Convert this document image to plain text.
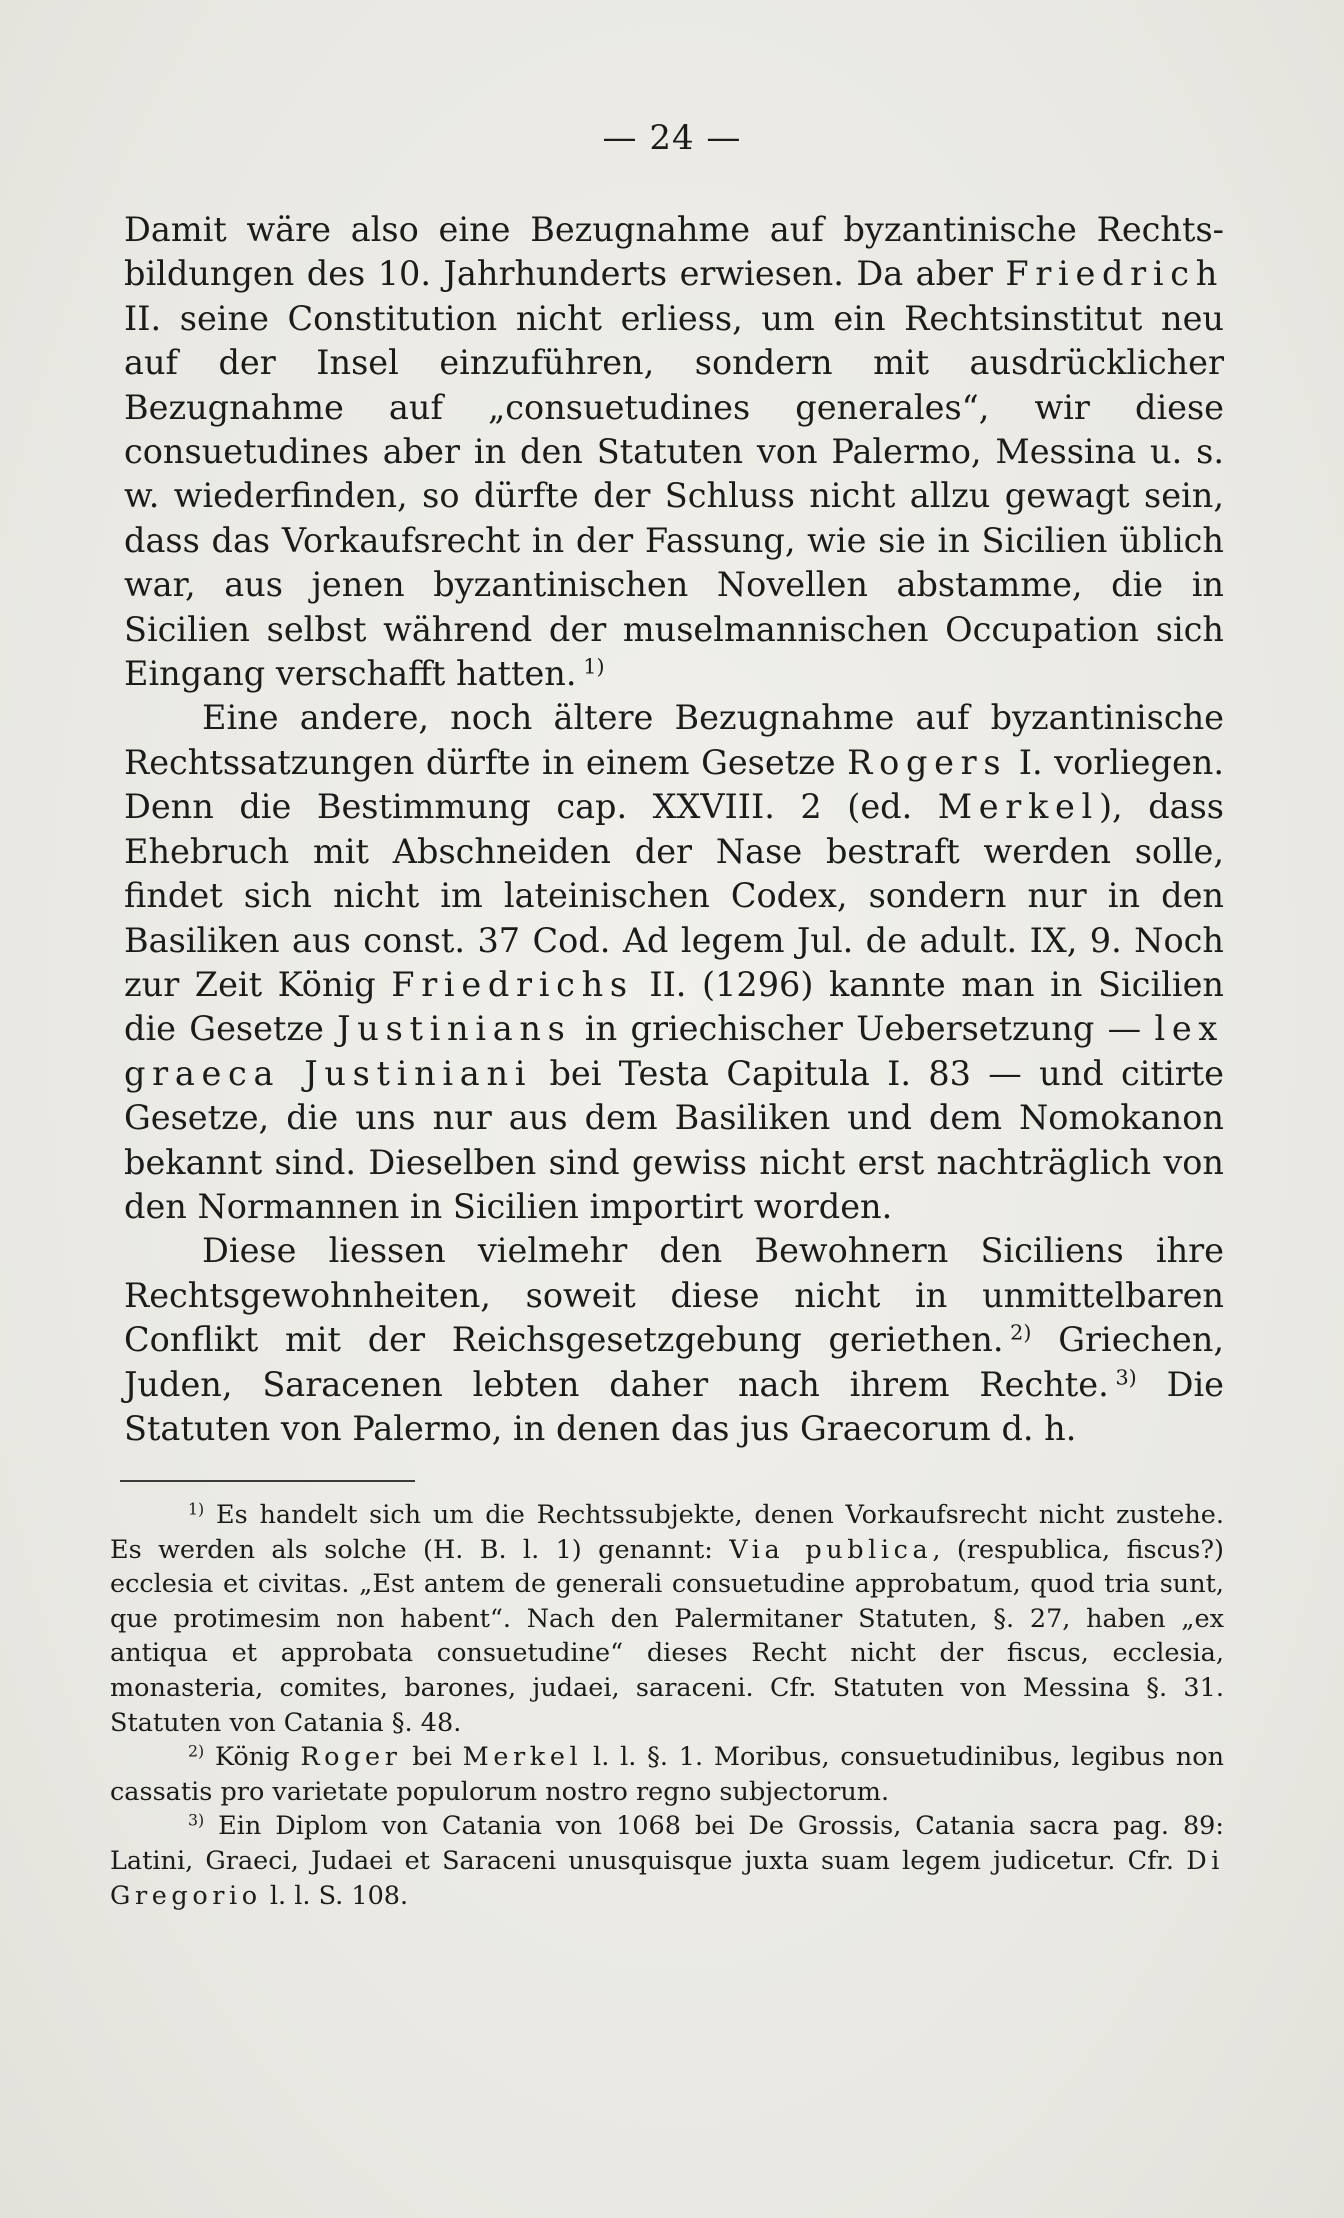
— 24 —

Damit wäre also eine Bezugnahme auf byzantinische Rechtsbildungen des 10. Jahrhunderts erwiesen. Da aber Friedrich II. seine Constitution nicht erliess, um ein Rechtsinstitut neu auf der Insel einzuführen, sondern mit ausdrücklicher Bezugnahme auf „consuetudines generales“, wir diese consuetudines aber in den Statuten von Palermo, Messina u. s. w. wiederfinden, so dürfte der Schluss nicht allzu gewagt sein, dass das Vorkaufsrecht in der Fassung, wie sie in Sicilien üblich war, aus jenen byzantinischen Novellen abstamme, die in Sicilien selbst während der muselmannischen Occupation sich Eingang verschafft hatten.  $^{1)}$

Eine andere, noch ältere Bezugnahme auf byzantinische Rechtssatzungen dürfte in einem Gesetze Rogers I. vorliegen. Denn die Bestimmung cap. XXVIII. 2 (ed. Merkel), dass Ehebruch mit Abschneiden der Nase bestraft werden solle, findet sich nicht im lateinischen Codex, sondern nur in den Basiliken aus const. 37 Cod. Ad legem Jul. de adult. IX, 9. Noch zur Zeit König Friedrichs II. (1296) kannte man in Sicilien die Gesetze Justinians in griechischer Uebersetzung — lex graeca Justiniani bei Testa Capitula I. 83 — und citirte Gesetze, die uns nur aus dem Basiliken und dem Nomokanon bekannt sind. Dieselben sind gewiss nicht erst nachträglich von den Normannen in Sicilien importirt worden.

Diese liessen vielmehr den Bewohnern Siciliens ihre Rechtsgewohnheiten, soweit diese nicht in unmittelbaren Conflikt mit der Reichsgesetzgebung geriethen.  $^{2)}$ Griechen, Juden, Saracenen lebten daher nach ihrem Rechte.  $^{3)}$ Die Statuten von Palermo, in denen das jus Graecorum d. h.

$^{1)}$ Es handelt sich um die Rechtssubjekte, denen Vorkaufsrecht nicht zustehe. Es werden als solche (H. B. l. 1) genannt: Via publica, (respublica, fiscus?) ecclesia et civitas. „Est antem de generali consuetudine approbatum, quod tria sunt, que protimesim non habent“. Nach den Palermitaner Statuten, §. 27, haben „ex antiqua et approbata consuetudine“ dieses Recht nicht der fiscus, ecclesia, monasteria, comites, barones, judaei, saraceni. Cfr. Statuten von Messina §. 31. Statuten von Catania §. 48.

$^{2)}$ König Roger bei Merkel l. l. §. 1. Moribus, consuetudinibus, legibus non cassatis pro varietate populorum nostro regno subjectorum.

$^{3)}$ Ein Diplom von Catania von 1068 bei De Grossis, Catania sacra pag. 89: Latini, Graeci, Judaei et Saraceni unusquisque juxta suam legem judicetur. Cfr. Di Gregorio l. l. S. 108.
